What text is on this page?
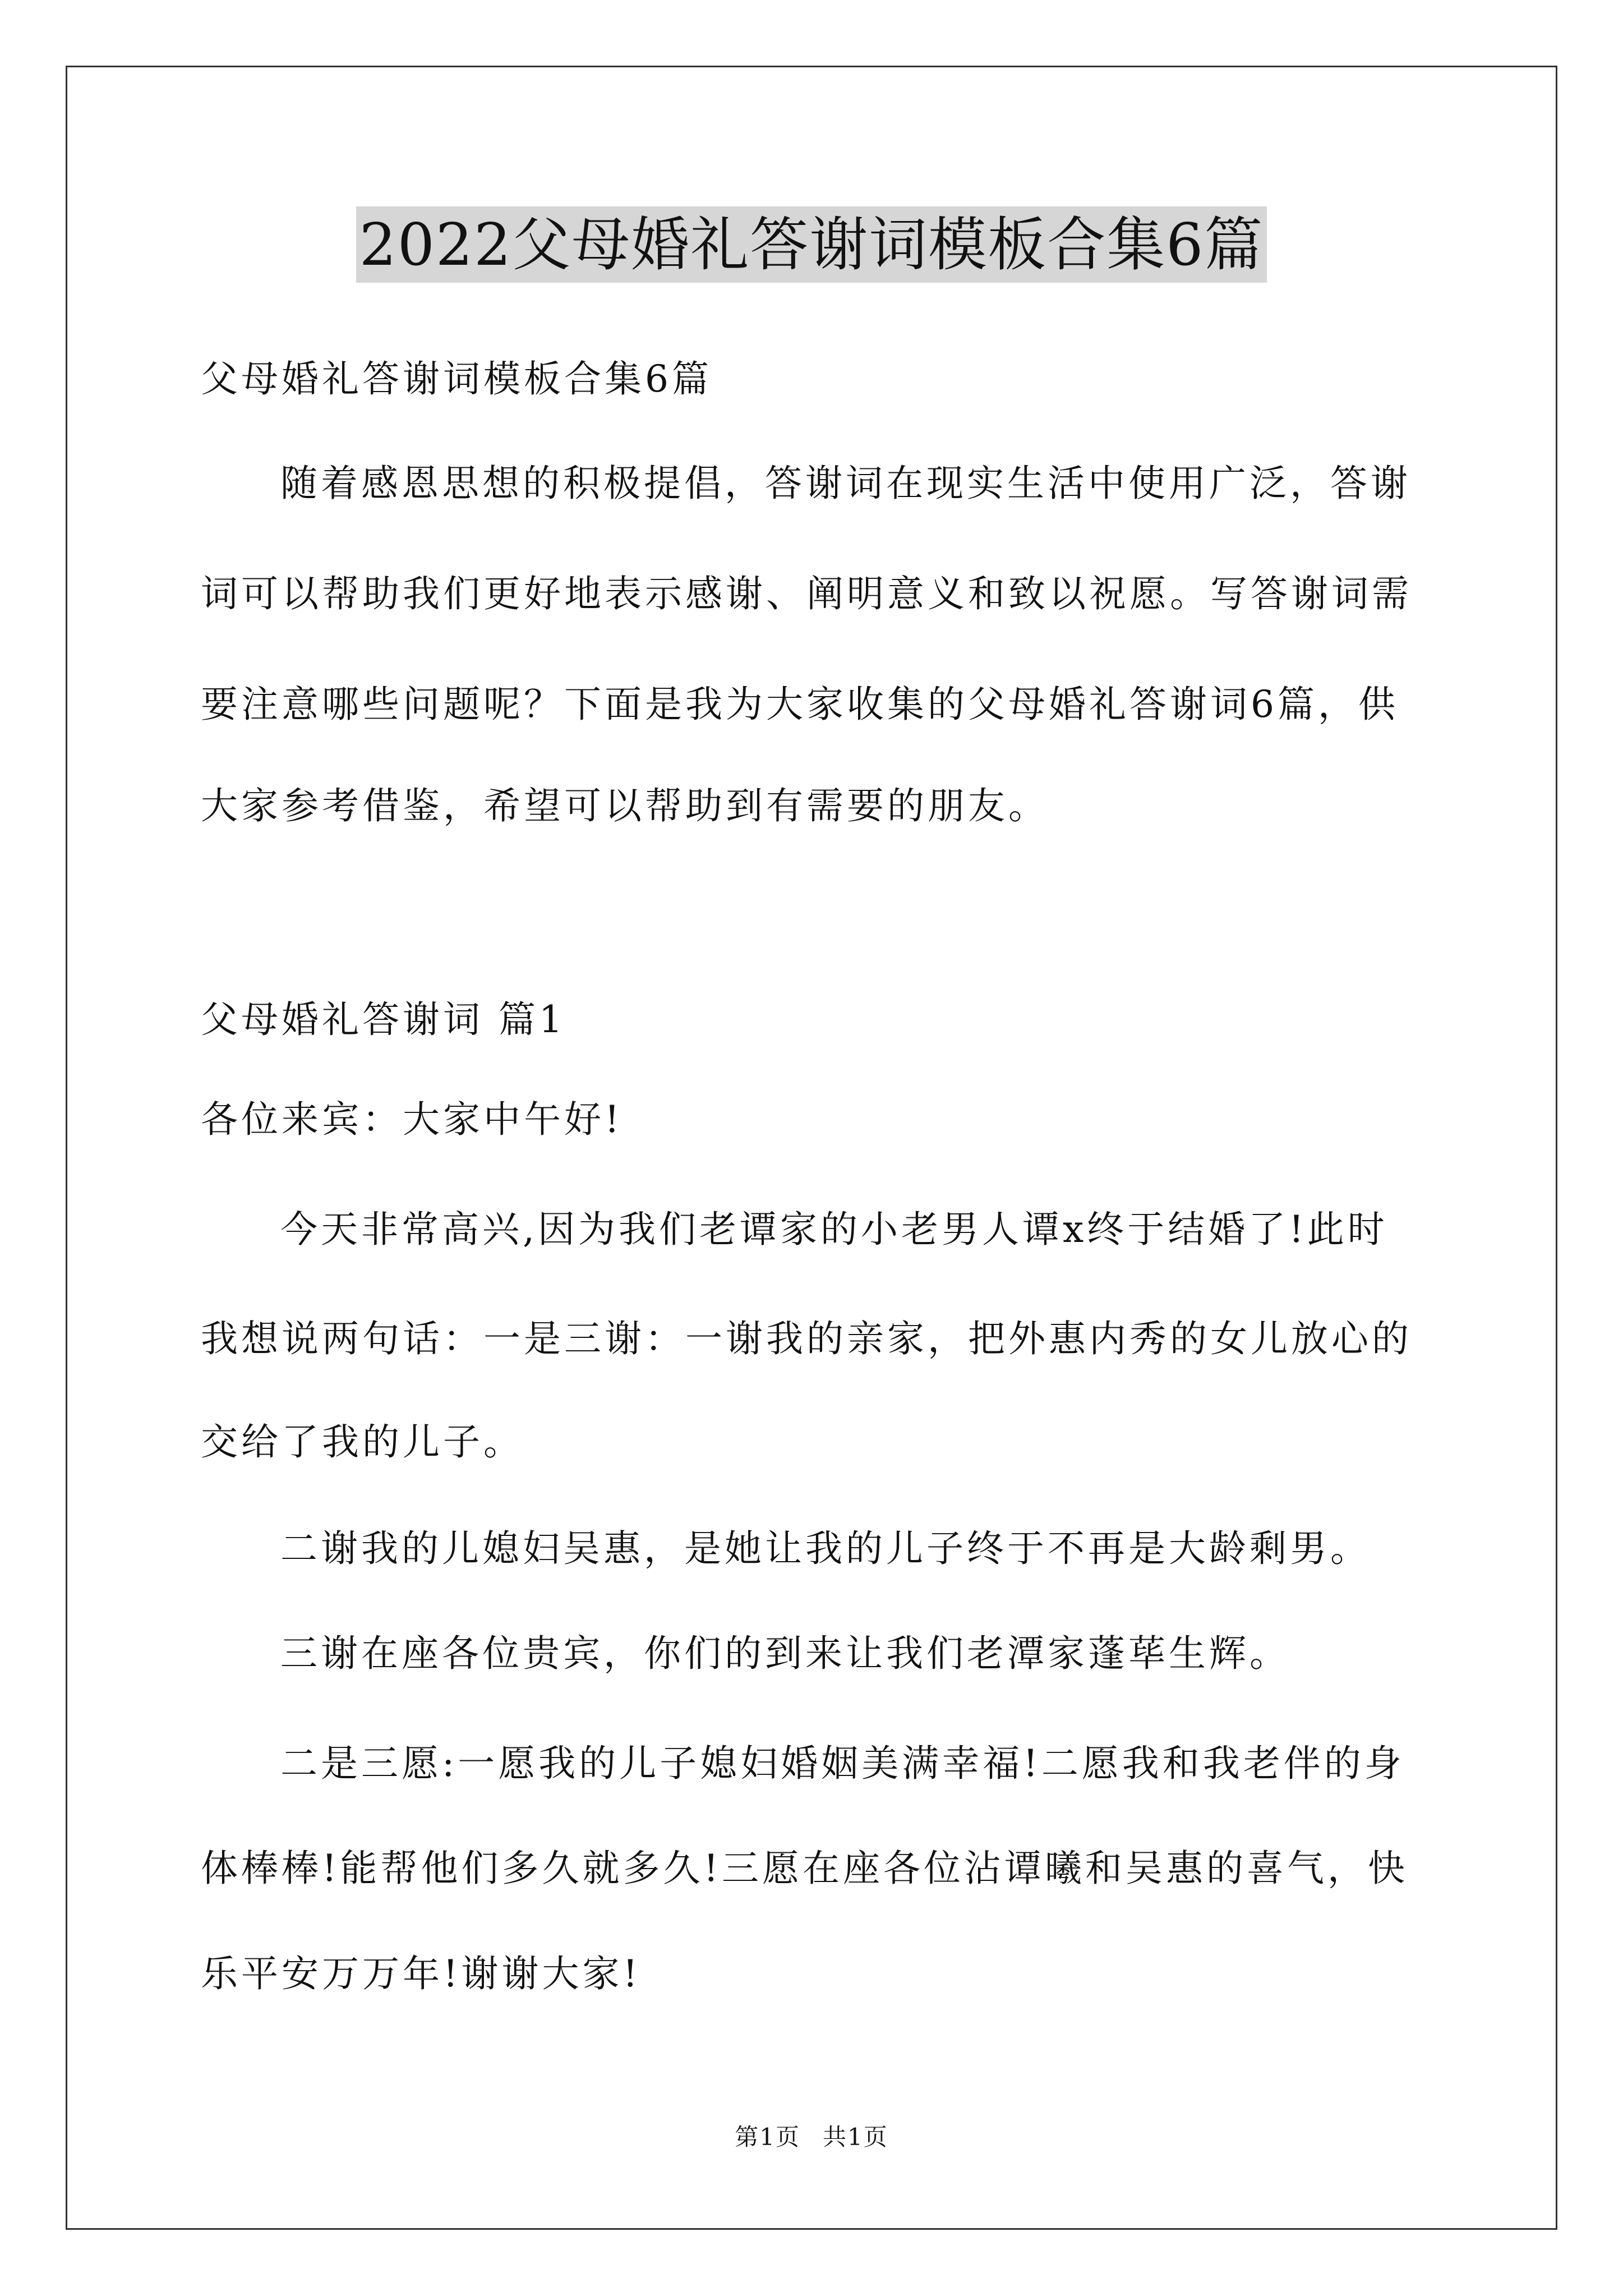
2022父母婚礼答谢词模板合集6篇
父母婚礼答谢词模板合集6篇
随着感恩思想的积极提倡，答谢词在现实生活中使用广泛，答谢
词可以帮助我们更好地表示感谢、阐明意义和致以祝愿。写答谢词需
要注意哪些问题呢？下面是我为大家收集的父母婚礼答谢词6篇，供
大家参考借鉴，希望可以帮助到有需要的朋友。
父母婚礼答谢词 篇1
各位来宾：大家中午好!
今天非常高兴,因为我们老谭家的小老男人谭x终于结婚了!此时
我想说两句话：一是三谢：一谢我的亲家，把外惠内秀的女儿放心的
交给了我的儿子。
二谢我的儿媳妇吴惠，是她让我的儿子终于不再是大龄剩男。
三谢在座各位贵宾，你们的到来让我们老潭家蓬荜生辉。
二是三愿:一愿我的儿子媳妇婚姻美满幸福!二愿我和我老伴的身
体棒棒!能帮他们多久就多久!三愿在座各位沾谭曦和吴惠的喜气，快
乐平安万万年!谢谢大家!
第1页 共1页
